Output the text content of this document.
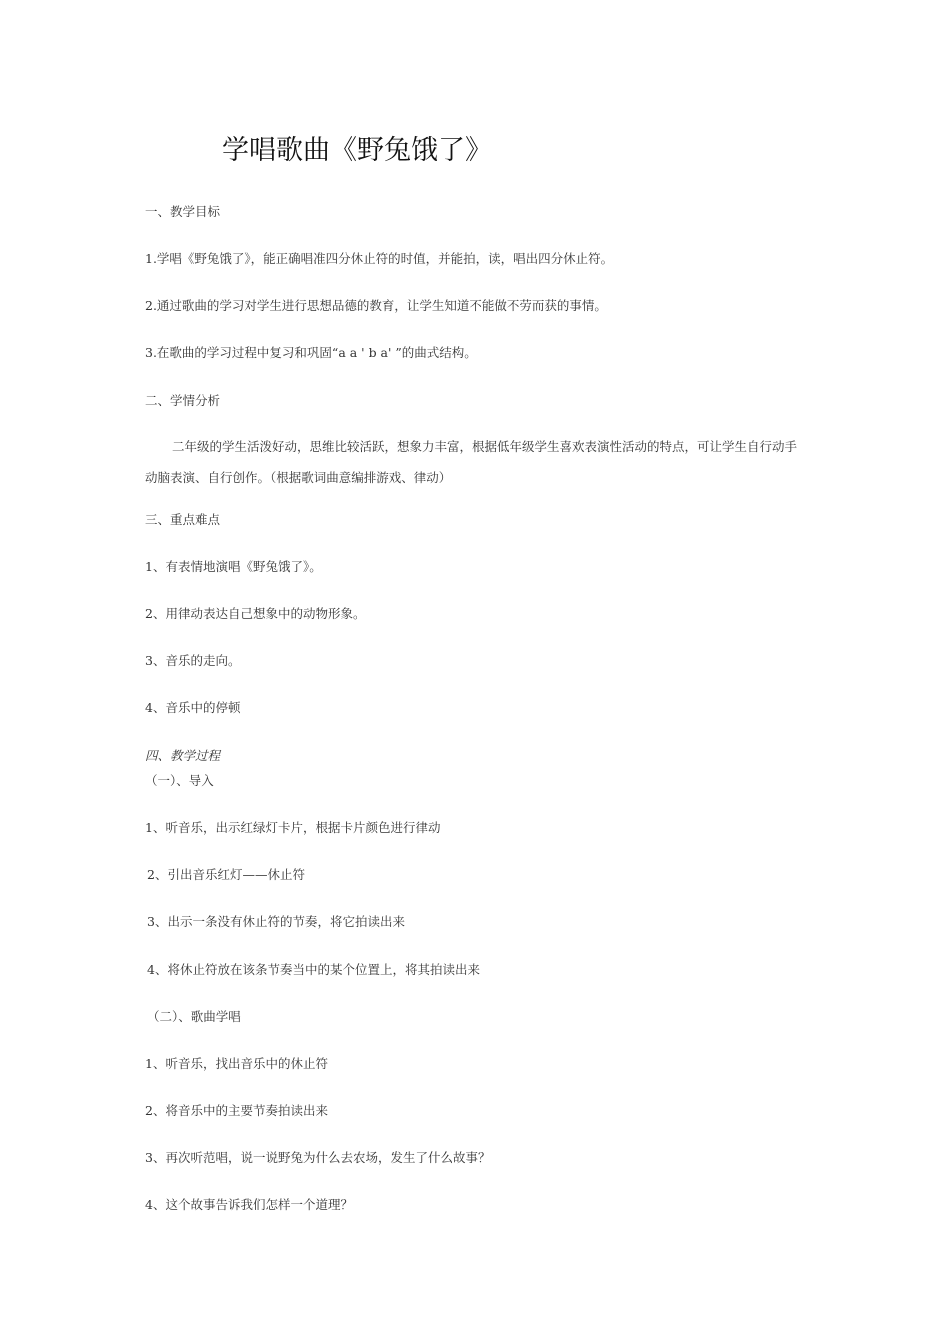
学唱歌曲《野兔饿了》
一、教学目标
1.学唱《野兔饿了》，能正确唱准四分休止符的时值，并能拍，读，唱出四分休止符。
2.通过歌曲的学习对学生进行思想品德的教育，让学生知道不能做不劳而获的事情。
3.在歌曲的学习过程中复习和巩固“a a ' b a' ”的曲式结构。
二、学情分析
二年级的学生活泼好动，思维比较活跃，想象力丰富，根据低年级学生喜欢表演性活动的特点，可让学生自行动手动脑表演、自行创作。（根据歌词曲意编排游戏、律动）
三、重点难点
1、有表情地演唱《野兔饿了》。
2、用律动表达自己想象中的动物形象。
3、音乐的走向。
4、音乐中的停顿
四、教学过程
（一）、导入
1、听音乐，出示红绿灯卡片，根据卡片颜色进行律动
2、引出音乐红灯——休止符
3、出示一条没有休止符的节奏，将它拍读出来
4、将休止符放在该条节奏当中的某个位置上，将其拍读出来
（二）、歌曲学唱
1、听音乐，找出音乐中的休止符
2、将音乐中的主要节奏拍读出来
3、再次听范唱，说一说野兔为什么去农场，发生了什么故事？
4、这个故事告诉我们怎样一个道理？
